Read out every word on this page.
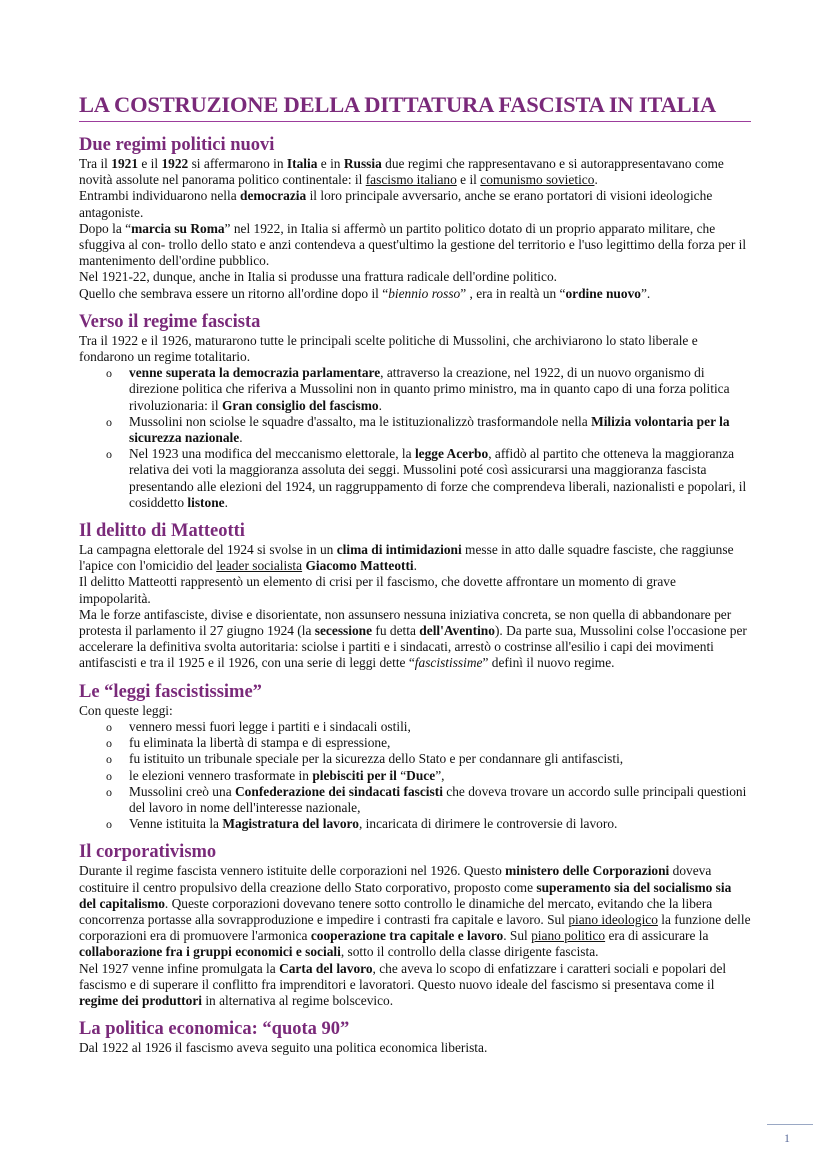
LA COSTRUZIONE DELLA DITTATURA FASCISTA IN ITALIA
Due regimi politici nuovi

Tra il 1921 e il 1922 si affermarono in Italia e in Russia due regimi che rappresentavano e si autorappresentavano come novità assolute nel panorama politico continentale: il fascismo italiano e il comunismo sovietico.

Entrambi individuarono nella democrazia il loro principale avversario, anche se erano portatori di visioni ideologiche antagoniste.

Dopo la “marcia su Roma” nel 1922, in Italia si affermò un partito politico dotato di un proprio apparato militare, che sfuggiva al con- trollo dello stato e anzi contendeva a quest'ultimo la gestione del territorio e l'uso legittimo della forza per il mantenimento dell'ordine pubblico.

Nel 1921-22, dunque, anche in Italia si produsse una frattura radicale dell'ordine politico.

Quello che sembrava essere un ritorno all'ordine dopo il “biennio rosso” , era in realtà un “ordine nuovo”.

Verso il regime fascista

Tra il 1922 e il 1926, maturarono tutte le principali scelte politiche di Mussolini, che archiviarono lo stato liberale e fondarono un regime totalitario.

o venne superata la democrazia parlamentare, attraverso la creazione, nel 1922, di un nuovo organismo di direzione politica che riferiva a Mussolini non in quanto primo ministro, ma in quanto capo di una forza politica rivoluzionaria: il Gran consiglio del fascismo.
o Mussolini non sciolse le squadre d'assalto, ma le istituzionalizzò trasformandole nella Milizia volontaria per la sicurezza nazionale.
o Nel 1923 una modifica del meccanismo elettorale, la legge Acerbo, affidò al partito che otteneva la maggioranza relativa dei voti la maggioranza assoluta dei seggi. Mussolini poté così assicurarsi una maggioranza fascista presentando alle elezioni del 1924, un raggruppamento di forze che comprendeva liberali, nazionalisti e popolari, il cosiddetto listone.
Il delitto di Matteotti

La campagna elettorale del 1924 si svolse in un clima di intimidazioni messe in atto dalle squadre fasciste, che raggiunse l'apice con l'omicidio del leader socialista Giacomo Matteotti.

Il delitto Matteotti rappresentò un elemento di crisi per il fascismo, che dovette affrontare un momento di grave impopolarità.

Ma le forze antifasciste, divise e disorientate, non assunsero nessuna iniziativa concreta, se non quella di abbandonare per protesta il parlamento il 27 giugno 1924 (la secessione fu detta dell'Aventino). Da parte sua, Mussolini colse l'occasione per accelerare la definitiva svolta autoritaria: sciolse i partiti e i sindacati, arrestò o costrinse all'esilio i capi dei movimenti antifascisti e tra il 1925 e il 1926, con una serie di leggi dette “fascistissime” definì il nuovo regime.

Le “leggi fascistissime”

Con queste leggi:

o vennero messi fuori legge i partiti e i sindacali ostili,
o fu eliminata la libertà di stampa e di espressione,
o fu istituito un tribunale speciale per la sicurezza dello Stato e per condannare gli antifascisti,
o le elezioni vennero trasformate in plebisciti per il “Duce”,
o Mussolini creò una Confederazione dei sindacati fascisti che doveva trovare un accordo sulle principali questioni del lavoro in nome dell'interesse nazionale,
o Venne istituita la Magistratura del lavoro, incaricata di dirimere le controversie di lavoro.
Il corporativismo

Durante il regime fascista vennero istituite delle corporazioni nel 1926. Questo ministero delle Corporazioni doveva costituire il centro propulsivo della creazione dello Stato corporativo, proposto come superamento sia del socialismo sia del capitalismo. Queste corporazioni dovevano tenere sotto controllo le dinamiche del mercato, evitando che la libera concorrenza portasse alla sovrapproduzione e impedire i contrasti fra capitale e lavoro. Sul piano ideologico la funzione delle corporazioni era di promuovere l'armonica cooperazione tra capitale e lavoro. Sul piano politico era di assicurare la collaborazione fra i gruppi economici e sociali, sotto il controllo della classe dirigente fascista.

Nel 1927 venne infine promulgata la Carta del lavoro, che aveva lo scopo di enfatizzare i caratteri sociali e popolari del fascismo e di superare il conflitto fra imprenditori e lavoratori. Questo nuovo ideale del fascismo si presentava come il regime dei produttori in alternativa al regime bolscevico.

La politica economica: “quota 90”

Dal 1922 al 1926 il fascismo aveva seguito una politica economica liberista.

1
